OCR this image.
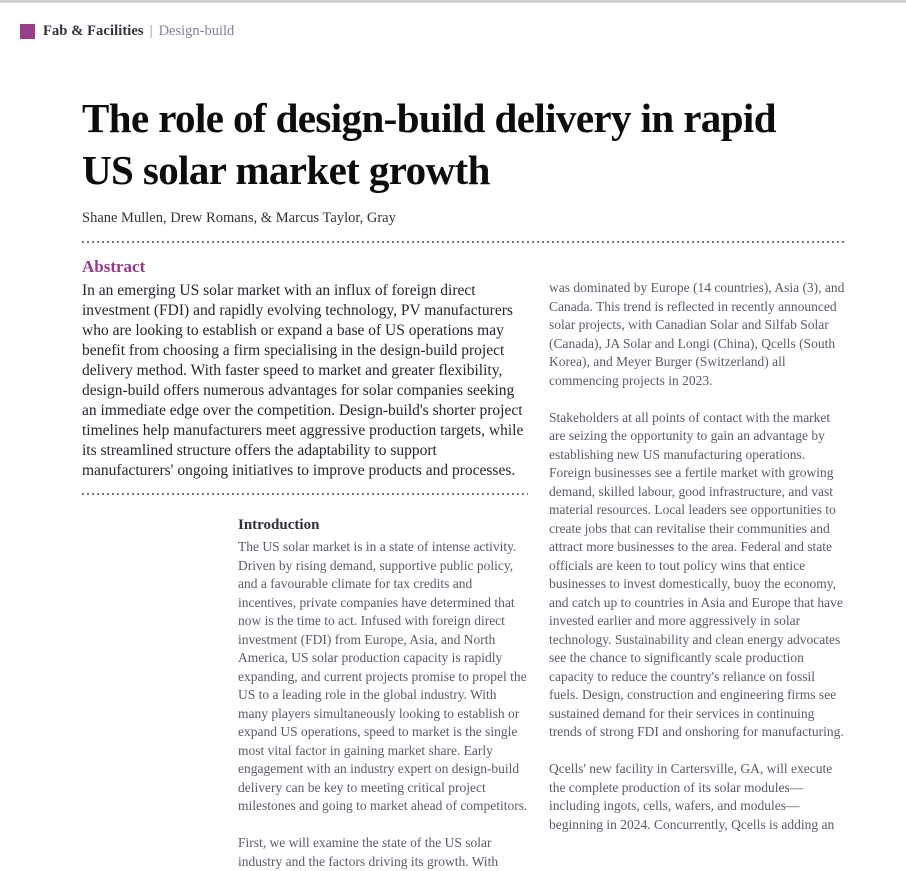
Fab & Facilities | Design-build
The role of design-build delivery in rapid US solar market growth
Shane Mullen, Drew Romans, & Marcus Taylor, Gray
Abstract

In an emerging US solar market with an influx of foreign direct investment (FDI) and rapidly evolving technology, PV manufacturers who are looking to establish or expand a base of US operations may benefit from choosing a firm specialising in the design-build project delivery method. With faster speed to market and greater flexibility, design-build offers numerous advantages for solar companies seeking an immediate edge over the competition. Design-build's shorter project timelines help manufacturers meet aggressive production targets, while its streamlined structure offers the adaptability to support manufacturers' ongoing initiatives to improve products and processes.

Introduction

The US solar market is in a state of intense activity. Driven by rising demand, supportive public policy, and a favourable climate for tax credits and incentives, private companies have determined that now is the time to act. Infused with foreign direct investment (FDI) from Europe, Asia, and North America, US solar production capacity is rapidly expanding, and current projects promise to propel the US to a leading role in the global industry. With many players simultaneously looking to establish or expand US operations, speed to market is the single most vital factor in gaining market share. Early engagement with an industry expert on design-build delivery can be key to meeting critical project milestones and going to market ahead of competitors.

First, we will examine the state of the US solar industry and the factors driving its growth. With

was dominated by Europe (14 countries), Asia (3), and Canada. This trend is reflected in recently announced solar projects, with Canadian Solar and Silfab Solar (Canada), JA Solar and Longi (China), Qcells (South Korea), and Meyer Burger (Switzerland) all commencing projects in 2023.

Stakeholders at all points of contact with the market are seizing the opportunity to gain an advantage by establishing new US manufacturing operations. Foreign businesses see a fertile market with growing demand, skilled labour, good infrastructure, and vast material resources. Local leaders see opportunities to create jobs that can revitalise their communities and attract more businesses to the area. Federal and state officials are keen to tout policy wins that entice businesses to invest domestically, buoy the economy, and catch up to countries in Asia and Europe that have invested earlier and more aggressively in solar technology. Sustainability and clean energy advocates see the chance to significantly scale production capacity to reduce the country's reliance on fossil fuels. Design, construction and engineering firms see sustained demand for their services in continuing trends of strong FDI and onshoring for manufacturing.

Qcells' new facility in Cartersville, GA, will execute the complete production of its solar modules—including ingots, cells, wafers, and modules—beginning in 2024. Concurrently, Qcells is adding an
